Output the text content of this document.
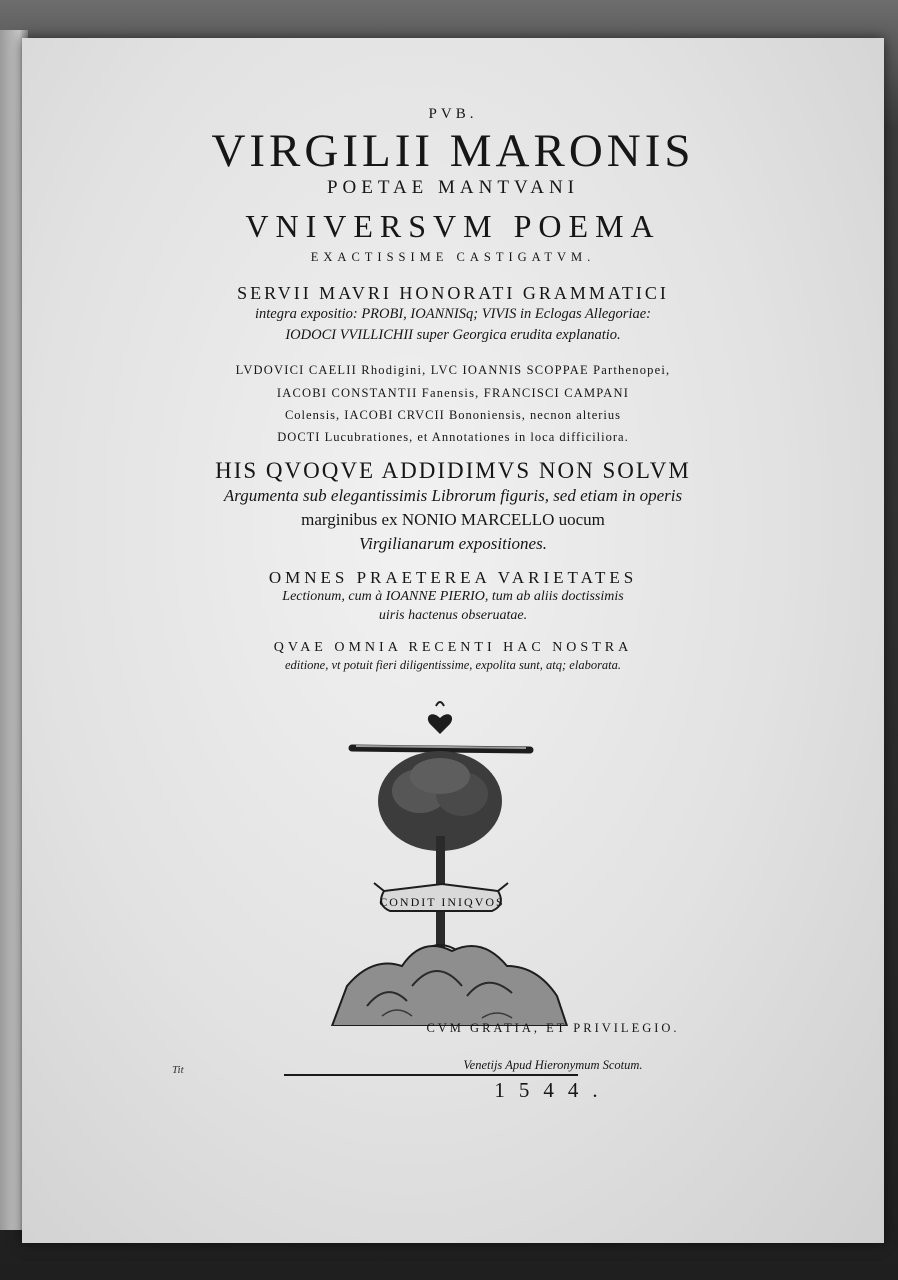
PVB.
VIRGILII MARONIS
POETAE MANTVANI
VNIVERSVM POEMA
EXACTISSIME CASTIGATVM.
SERVII MAVRI HONORATI GRAMMATICI
integra expositio: PROBI, IOANNISq; VIVIS in Eclogas Allegoriae:
IODOCI VVILLICHII super Georgica erudita explanatio.
LVDOVICI CAELII Rhodigini, LVC IOANNIS SCOPPAE Parthenopei,
IACOBI CONSTANTII Fanensis, FRANCISCI CAMPANI
Colensis, IACOBI CRVCII Bononiensis, necnon alterius
DOCTI Lucubrationes, et Annotationes in loca difficiliora.
HIS QVOQVE ADDIDIMVS NON SOLVM
Argumenta sub elegantissimis Librorum figuris, sed etiam in operis
marginibus ex NONIO MARCELLO uocum
Virgilianarum expositiones.
OMNES PRAETEREA VARIETATES
Lectionum, cum à IOANNE PIERIO, tum ab aliis doctissimis
uiris hactenus obseruatae.
QVAE OMNIA RECENTI HAC NOSTRA
editione, vt potuit fieri diligentissime, expolita sunt, atq; elaborata.
CONDIT INIQVOS
CVM GRATIA, ET PRIVILEGIO.
Venetijs Apud Hieronymum Scotum.
1544.
Tit
